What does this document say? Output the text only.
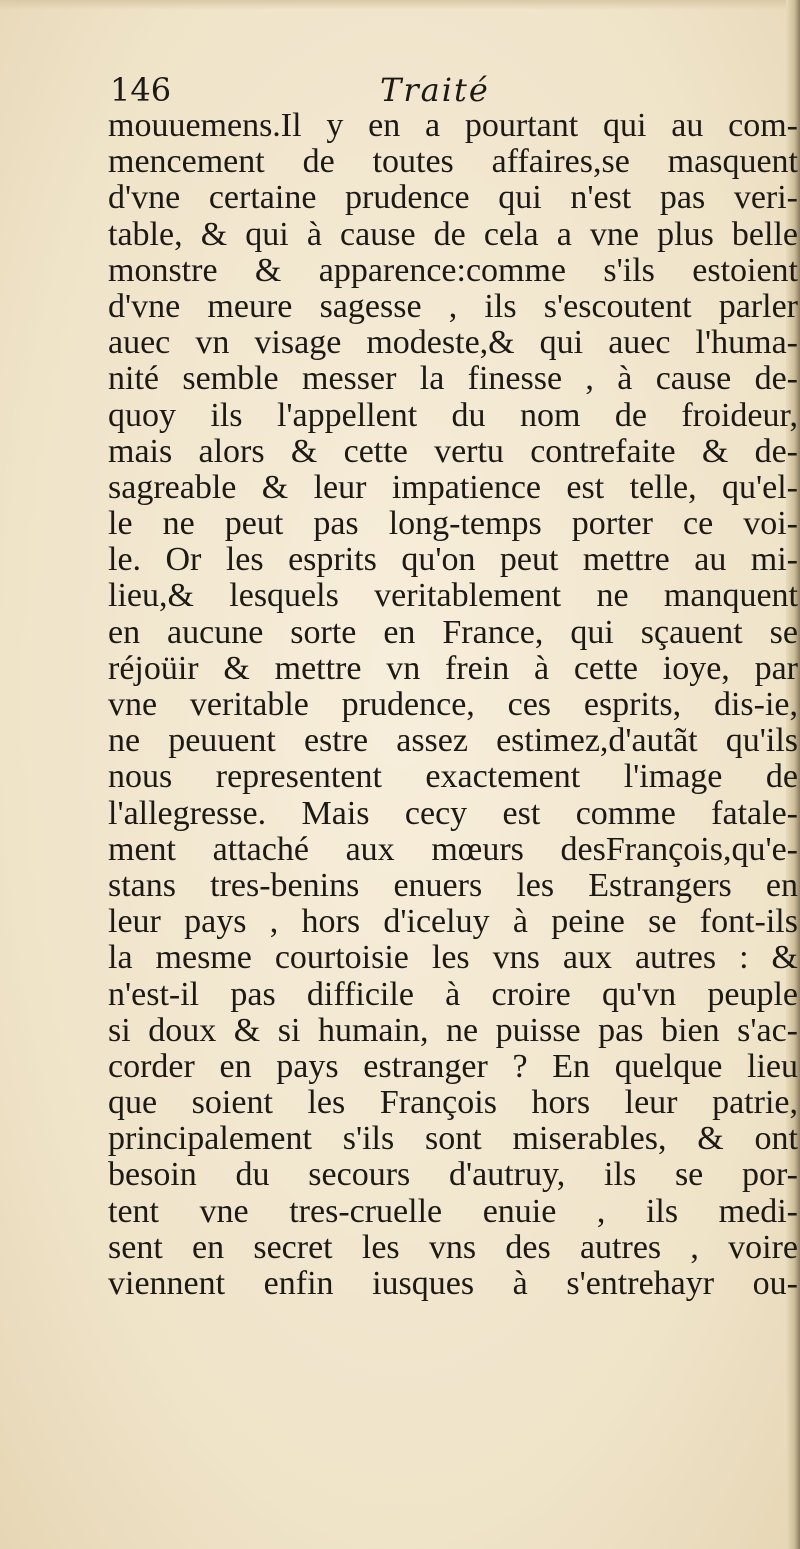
146	Traité
mouuemens.Il y en a pourtant qui au com-
mencement de toutes affaires,se masquent
d'vne certaine prudence qui n'est pas veri-
table, & qui à cause de cela a vne plus belle
monstre & apparence:comme s'ils estoient
d'vne meure sagesse , ils s'escoutent parler
auec vn visage modeste,& qui auec l'huma-
nité semble messer la finesse , à cause de-
quoy ils l'appellent du nom de froideur,
mais alors & cette vertu contrefaite & de-
sagreable & leur impatience est telle, qu'el-
le ne peut pas long-temps porter ce voi-
le. Or les esprits qu'on peut mettre au mi-
lieu,& lesquels veritablement ne manquent
en aucune sorte en France, qui sçauent se
réjoüir & mettre vn frein à cette ioye, par
vne veritable prudence, ces esprits, dis-ie,
ne peuuent estre assez estimez,d'autãt qu'ils
nous representent exactement l'image de
l'allegresse. Mais cecy est comme fatale-
ment attaché aux mœurs desFrançois,qu'e-
stans tres-benins enuers les Estrangers en
leur pays , hors d'iceluy à peine se font-ils
la mesme courtoisie les vns aux autres : &
n'est-il pas difficile à croire qu'vn peuple
si doux & si humain, ne puisse pas bien s'ac-
corder en pays estranger ? En quelque lieu
que soient les François hors leur patrie,
principalement s'ils sont miserables, & ont
besoin du secours d'autruy, ils se por-
tent vne tres-cruelle enuie , ils medi-
sent en secret les vns des autres , voire
viennent enfin iusques à s'entrehayr ou-
